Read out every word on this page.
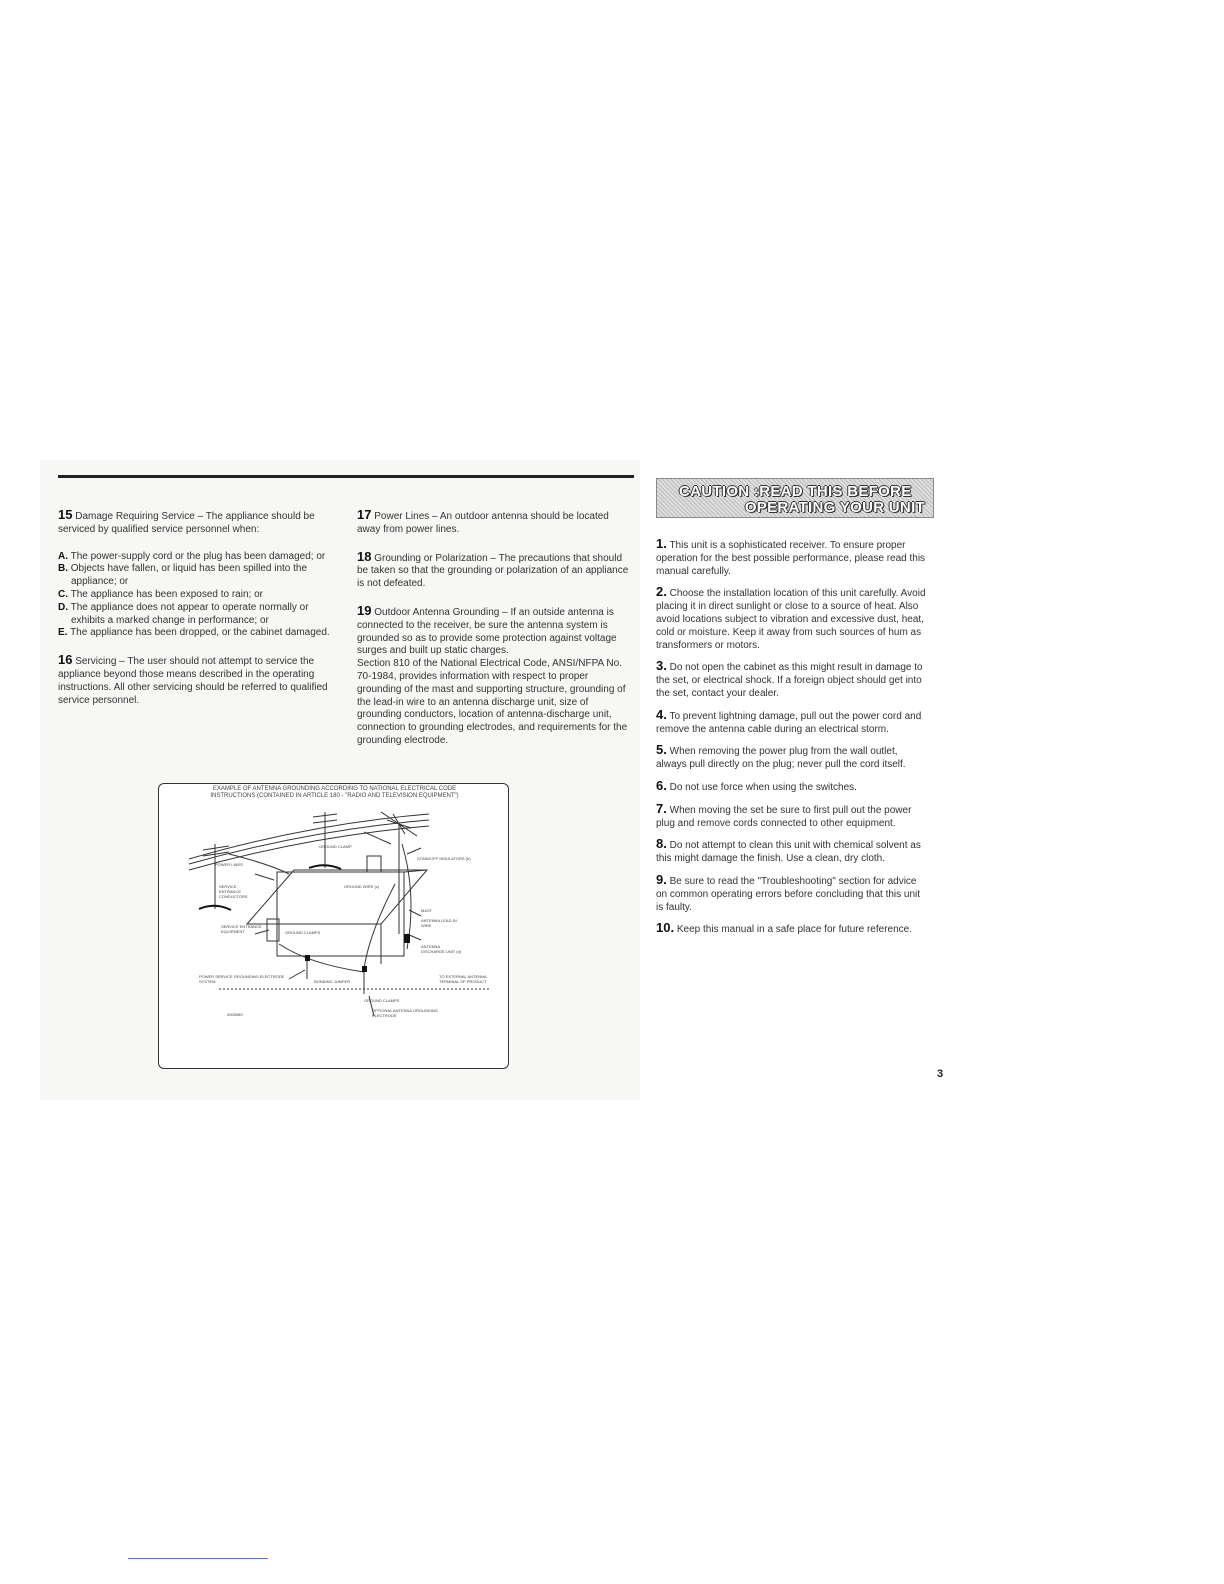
15 Damage Requiring Service – The appliance should be serviced by qualified service personnel when:

A. The power-supply cord or the plug has been damaged; or
B. Objects have fallen, or liquid has been spilled into the appliance; or
C. The appliance has been exposed to rain; or
D. The appliance does not appear to operate normally or exhibits a marked change in performance; or
E. The appliance has been dropped, or the cabinet damaged.

16 Servicing – The user should not attempt to service the appliance beyond those means described in the operating instructions. All other servicing should be referred to qualified service personnel.

17 Power Lines – An outdoor antenna should be located away from power lines.

18 Grounding or Polarization – The precautions that should be taken so that the grounding or polarization of an appliance is not defeated.

19 Outdoor Antenna Grounding – If an outside antenna is connected to the receiver, be sure the antenna system is grounded so as to provide some protection against voltage surges and built up static charges.

Section 810 of the National Electrical Code, ANSI/NFPA No. 70-1984, provides information with respect to proper grounding of the mast and supporting structure, grounding of the lead-in wire to an antenna discharge unit, size of grounding conductors, location of antenna-discharge unit, connection to grounding electrodes, and requirements for the grounding electrode.

EXAMPLE OF ANTENNA GROUNDING ACCORDING TO NATIONAL ELECTRICAL CODE
INSTRUCTIONS (CONTAINED IN ARTICLE 180 - "RADIO AND TELEVISION EQUIPMENT")
POWER LINES
SERVICE ENTRANCE CONDUCTORS
GROUND CLAMP
STANDOFF INSULATORS (b)
GROUND WIRE (c)
MAST
ANTENNA LEAD-IN WIRE
SERVICE ENTRANCE EQUIPMENT	GROUND CLAMPS
ANTENNA DISCHARGE UNIT (d)
POWER SERVICE GROUNDING ELECTRODE SYSTEM	BONDING JUMPER
TO EXTERNAL ANTENNA TERMINAL OF PRODUCT
GROUND CLAMPS
OPTIONAL ANTENNA GROUNDING ELECTRODE
3005989
CAUTION :READ THIS BEFORE
OPERATING YOUR UNIT

1. This unit is a sophisticated receiver. To ensure proper operation for the best possible performance, please read this manual carefully.

2. Choose the installation location of this unit carefully. Avoid placing it in direct sunlight or close to a source of heat. Also avoid locations subject to vibration and excessive dust, heat, cold or moisture. Keep it away from such sources of hum as transformers or motors.

3. Do not open the cabinet as this might result in damage to the set, or electrical shock. If a foreign object should get into the set, contact your dealer.

4. To prevent lightning damage, pull out the power cord and remove the antenna cable during an electrical storm.

5. When removing the power plug from the wall outlet, always pull directly on the plug; never pull the cord itself.

6. Do not use force when using the switches.

7. When moving the set be sure to first pull out the power plug and remove cords connected to other equipment.

8. Do not attempt to clean this unit with chemical solvent as this might damage the finish. Use a clean, dry cloth.

9. Be sure to read the "Troubleshooting" section for advice on common operating errors before concluding that this unit is faulty.

10. Keep this manual in a safe place for future reference.

3
